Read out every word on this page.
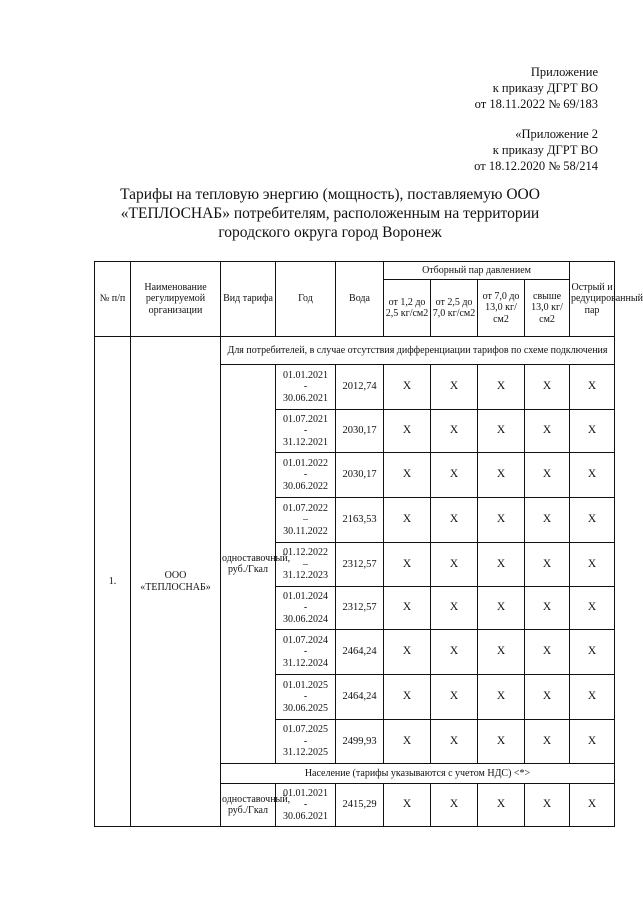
Приложение
к приказу ДГРТ ВО
от 18.11.2022 № 69/183
«Приложение 2
к приказу ДГРТ ВО
от 18.12.2020 № 58/214
Тарифы на тепловую энергию (мощность), поставляемую ООО
«ТЕПЛОСНАБ» потребителям, расположенным на территории
городского округа город Воронеж
№ п/п	Наименование регулируемой организации	Вид тарифа	Год	Вода	Отборный пар давлением				Острый и редуцированный пар
					от 1,2 до 2,5 кг/см2	от 2,5 до 7,0 кг/см2	от 7,0 до 13,0 кг/см2	свыше 13,0 кг/см2	
1.	ООО «ТЕПЛОСНАБ»	Для потребителей, в случае отсутствия дифференциации тарифов по схеме подключения							
		одноставочный, руб./Гкал	01.01.2021
-
30.06.2021	2012,74	Х	Х	Х	Х	Х

			01.07.2021
-
31.12.2021	2030,17	Х	Х	Х	Х	Х

			01.01.2022
-
30.06.2022	2030,17	Х	Х	Х	Х	Х

			01.07.2022
–
30.11.2022	2163,53	Х	Х	Х	Х	Х

			01.12.2022
–
31.12.2023	2312,57	Х	Х	Х	Х	Х

			01.01.2024
-
30.06.2024	2312,57	Х	Х	Х	Х	Х

			01.07.2024
-
31.12.2024	2464,24	Х	Х	Х	Х	Х

			01.01.2025
-
30.06.2025	2464,24	Х	Х	Х	Х	Х

			01.07.2025
-
31.12.2025	2499,93	Х	Х	Х	Х	Х
		Население (тарифы указываются с учетом НДС) <*>							
		одноставочный, руб./Гкал	01.01.2021
-
30.06.2021	2415,29	Х	Х	Х	Х	Х
